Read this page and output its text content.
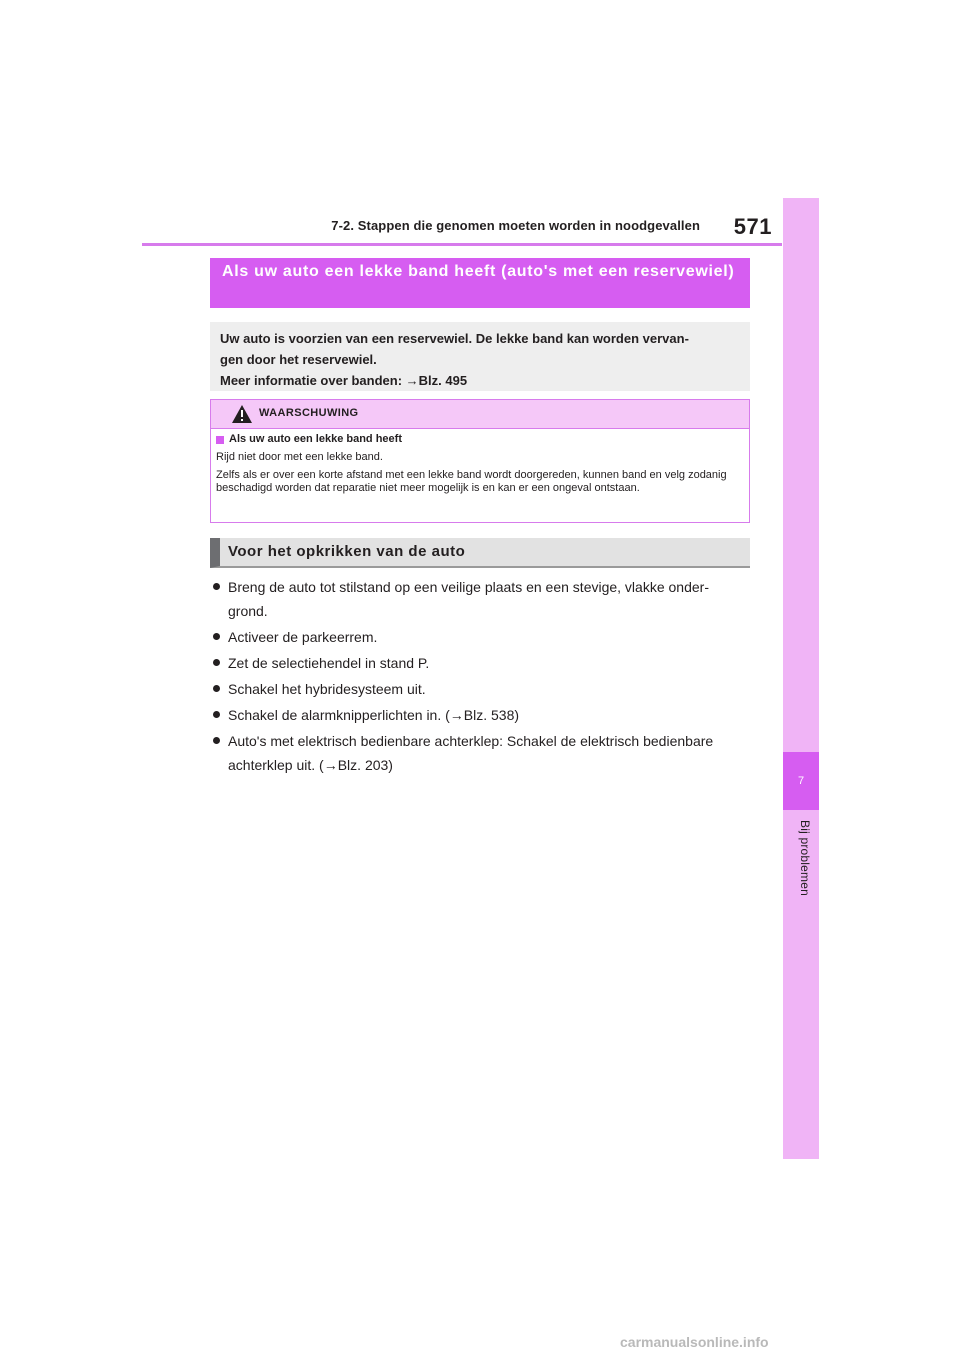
7-2. Stappen die genomen moeten worden in noodgevallen	571
7
Bij problemen
Als uw auto een lekke band heeft (auto's met een reservewiel)
Uw auto is voorzien van een reservewiel. De lekke band kan worden vervan-
gen door het reservewiel.
Meer informatie over banden: →Blz. 495
WAARSCHUWING
Als uw auto een lekke band heeft
Rijd niet door met een lekke band.
Zelfs als er over een korte afstand met een lekke band wordt doorgereden, kunnen band en velg zodanig beschadigd worden dat reparatie niet meer mogelijk is en kan er een ongeval ontstaan.
Voor het opkrikken van de auto
Breng de auto tot stilstand op een veilige plaats en een stevige, vlakke onder-grond.
Activeer de parkeerrem.
Zet de selectiehendel in stand P.
Schakel het hybridesysteem uit.
Schakel de alarmknipperlichten in. (→Blz. 538)
Auto's met elektrisch bedienbare achterklep: Schakel de elektrisch bedienbare achterklep uit. (→Blz. 203)
carmanualsonline.info
